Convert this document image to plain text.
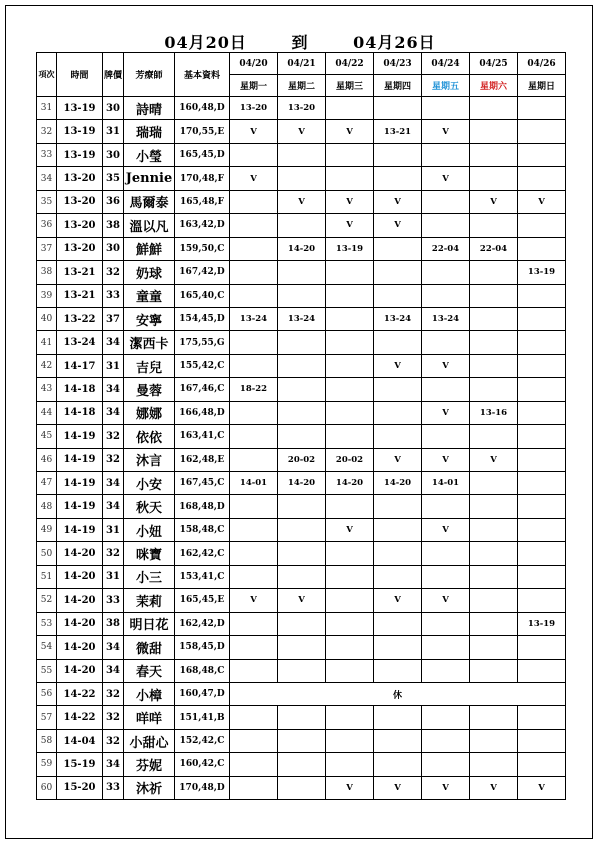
04月20日	到	04月26日
項次	時間	牌價	芳療師	基本資料	04/20	04/21	04/22	04/23	04/24	04/25	04/26
					星期一	星期二	星期三	星期四	星期五	星期六	星期日
31	13-19	30	詩晴	160,48,D	13-20	13-20					
32	13-19	31	瑞瑞	170,55,E	V	V	V	13-21	V		
33	13-19	30	小瑩	165,45,D							
34	13-20	35	Jennie	170,48,F	V				V		
35	13-20	36	馬爾泰	165,48,F		V	V	V		V	V
36	13-20	38	溫以凡	163,42,D			V	V			
37	13-20	30	鮮鮮	159,50,C		14-20	13-19		22-04	22-04	
38	13-21	32	奶球	167,42,D							13-19
39	13-21	33	童童	165,40,C							
40	13-22	37	安寧	154,45,D	13-24	13-24		13-24	13-24		
41	13-24	34	潔西卡	175,55,G							
42	14-17	31	吉兒	155,42,C				V	V		
43	14-18	34	曼蓉	167,46,C	18-22						
44	14-18	34	娜娜	166,48,D					V	13-16	
45	14-19	32	依依	163,41,C							
46	14-19	32	沐言	162,48,E		20-02	20-02	V	V	V	
47	14-19	34	小安	167,45,C	14-01	14-20	14-20	14-20	14-01		
48	14-19	34	秋天	168,48,D							
49	14-19	31	小妞	158,48,C			V		V		
50	14-20	32	咪寶	162,42,C							
51	14-20	31	小三	153,41,C							
52	14-20	33	茉莉	165,45,E	V	V		V	V		
53	14-20	38	明日花	162,42,D							13-19
54	14-20	34	微甜	158,45,D							
55	14-20	34	春天	168,48,C							
56	14-22	32	小樟	160,47,D	休						
57	14-22	32	咩咩	151,41,B							
58	14-04	32	小甜心	152,42,C							
59	15-19	34	芬妮	160,42,C							
60	15-20	33	沐祈	170,48,D			V	V	V	V	V
